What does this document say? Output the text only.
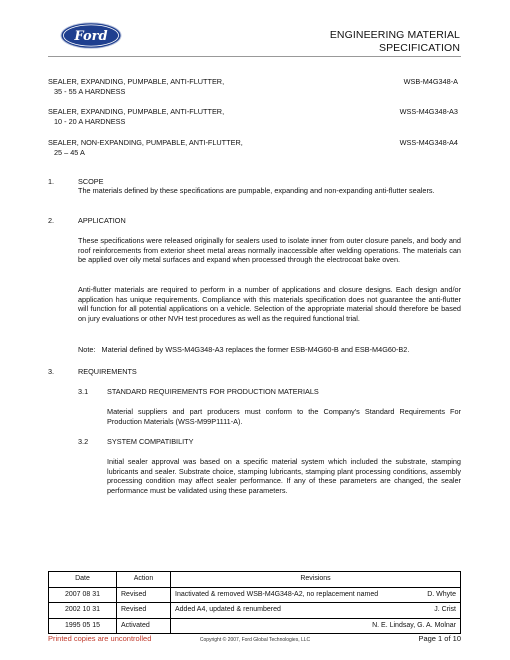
Ford	ENGINEERING MATERIAL SPECIFICATION
SEALER, EXPANDING, PUMPABLE, ANTI-FLUTTER,	WSB-M4G348-A
35 - 55 A HARDNESS
SEALER, EXPANDING, PUMPABLE, ANTI-FLUTTER,	WSS-M4G348-A3
10 - 20 A HARDNESS
SEALER, NON-EXPANDING, PUMPABLE, ANTI-FLUTTER,	WSS-M4G348-A4
25 – 45 A
1.	SCOPE
The materials defined by these specifications are pumpable, expanding and non-expanding anti-flutter sealers.
2.	APPLICATION
These specifications were released originally for sealers used to isolate inner from outer closure panels, and body and roof reinforcements from exterior sheet metal areas normally inaccessible after welding operations. The materials can be applied over oily metal surfaces and expand when processed through the electrocoat bake oven.
Anti-flutter materials are required to perform in a number of applications and closure designs. Each design and/or application has unique requirements. Compliance with this materials specification does not guarantee the anti-flutter will function for all potential applications on a vehicle. Selection of the appropriate material should therefore be based on jury evaluations or other NVH test procedures as well as the required functional trial.
Note: Material defined by WSS-M4G348-A3 replaces the former ESB-M4G60-B and ESB-M4G60-B2.
3.	REQUIREMENTS
3.1	STANDARD REQUIREMENTS FOR PRODUCTION MATERIALS
Material suppliers and part producers must conform to the Company's Standard Requirements For Production Materials (WSS-M99P1111-A).
3.2	SYSTEM COMPATIBILITY
Initial sealer approval was based on a specific material system which included the substrate, stamping lubricants and sealer. Substrate choice, stamping lubricants, stamping plant processing conditions, assembly processing condition may affect sealer performance. If any of these parameters are changed, the sealer performance must be validated using these parameters.
Date	Action	Revisions
2007 08 31	Revised	Inactivated & removed WSB-M4G348-A2, no replacement named D. Whyte

2002 10 31	Revised	Added A4, updated & renumbered J. Crist

1995 05 15	Activated	N. E. Lindsay, G. A. Molnar
Printed copies are uncontrolled	Copyright © 2007, Ford Global Technologies, LLC	Page 1 of 10
